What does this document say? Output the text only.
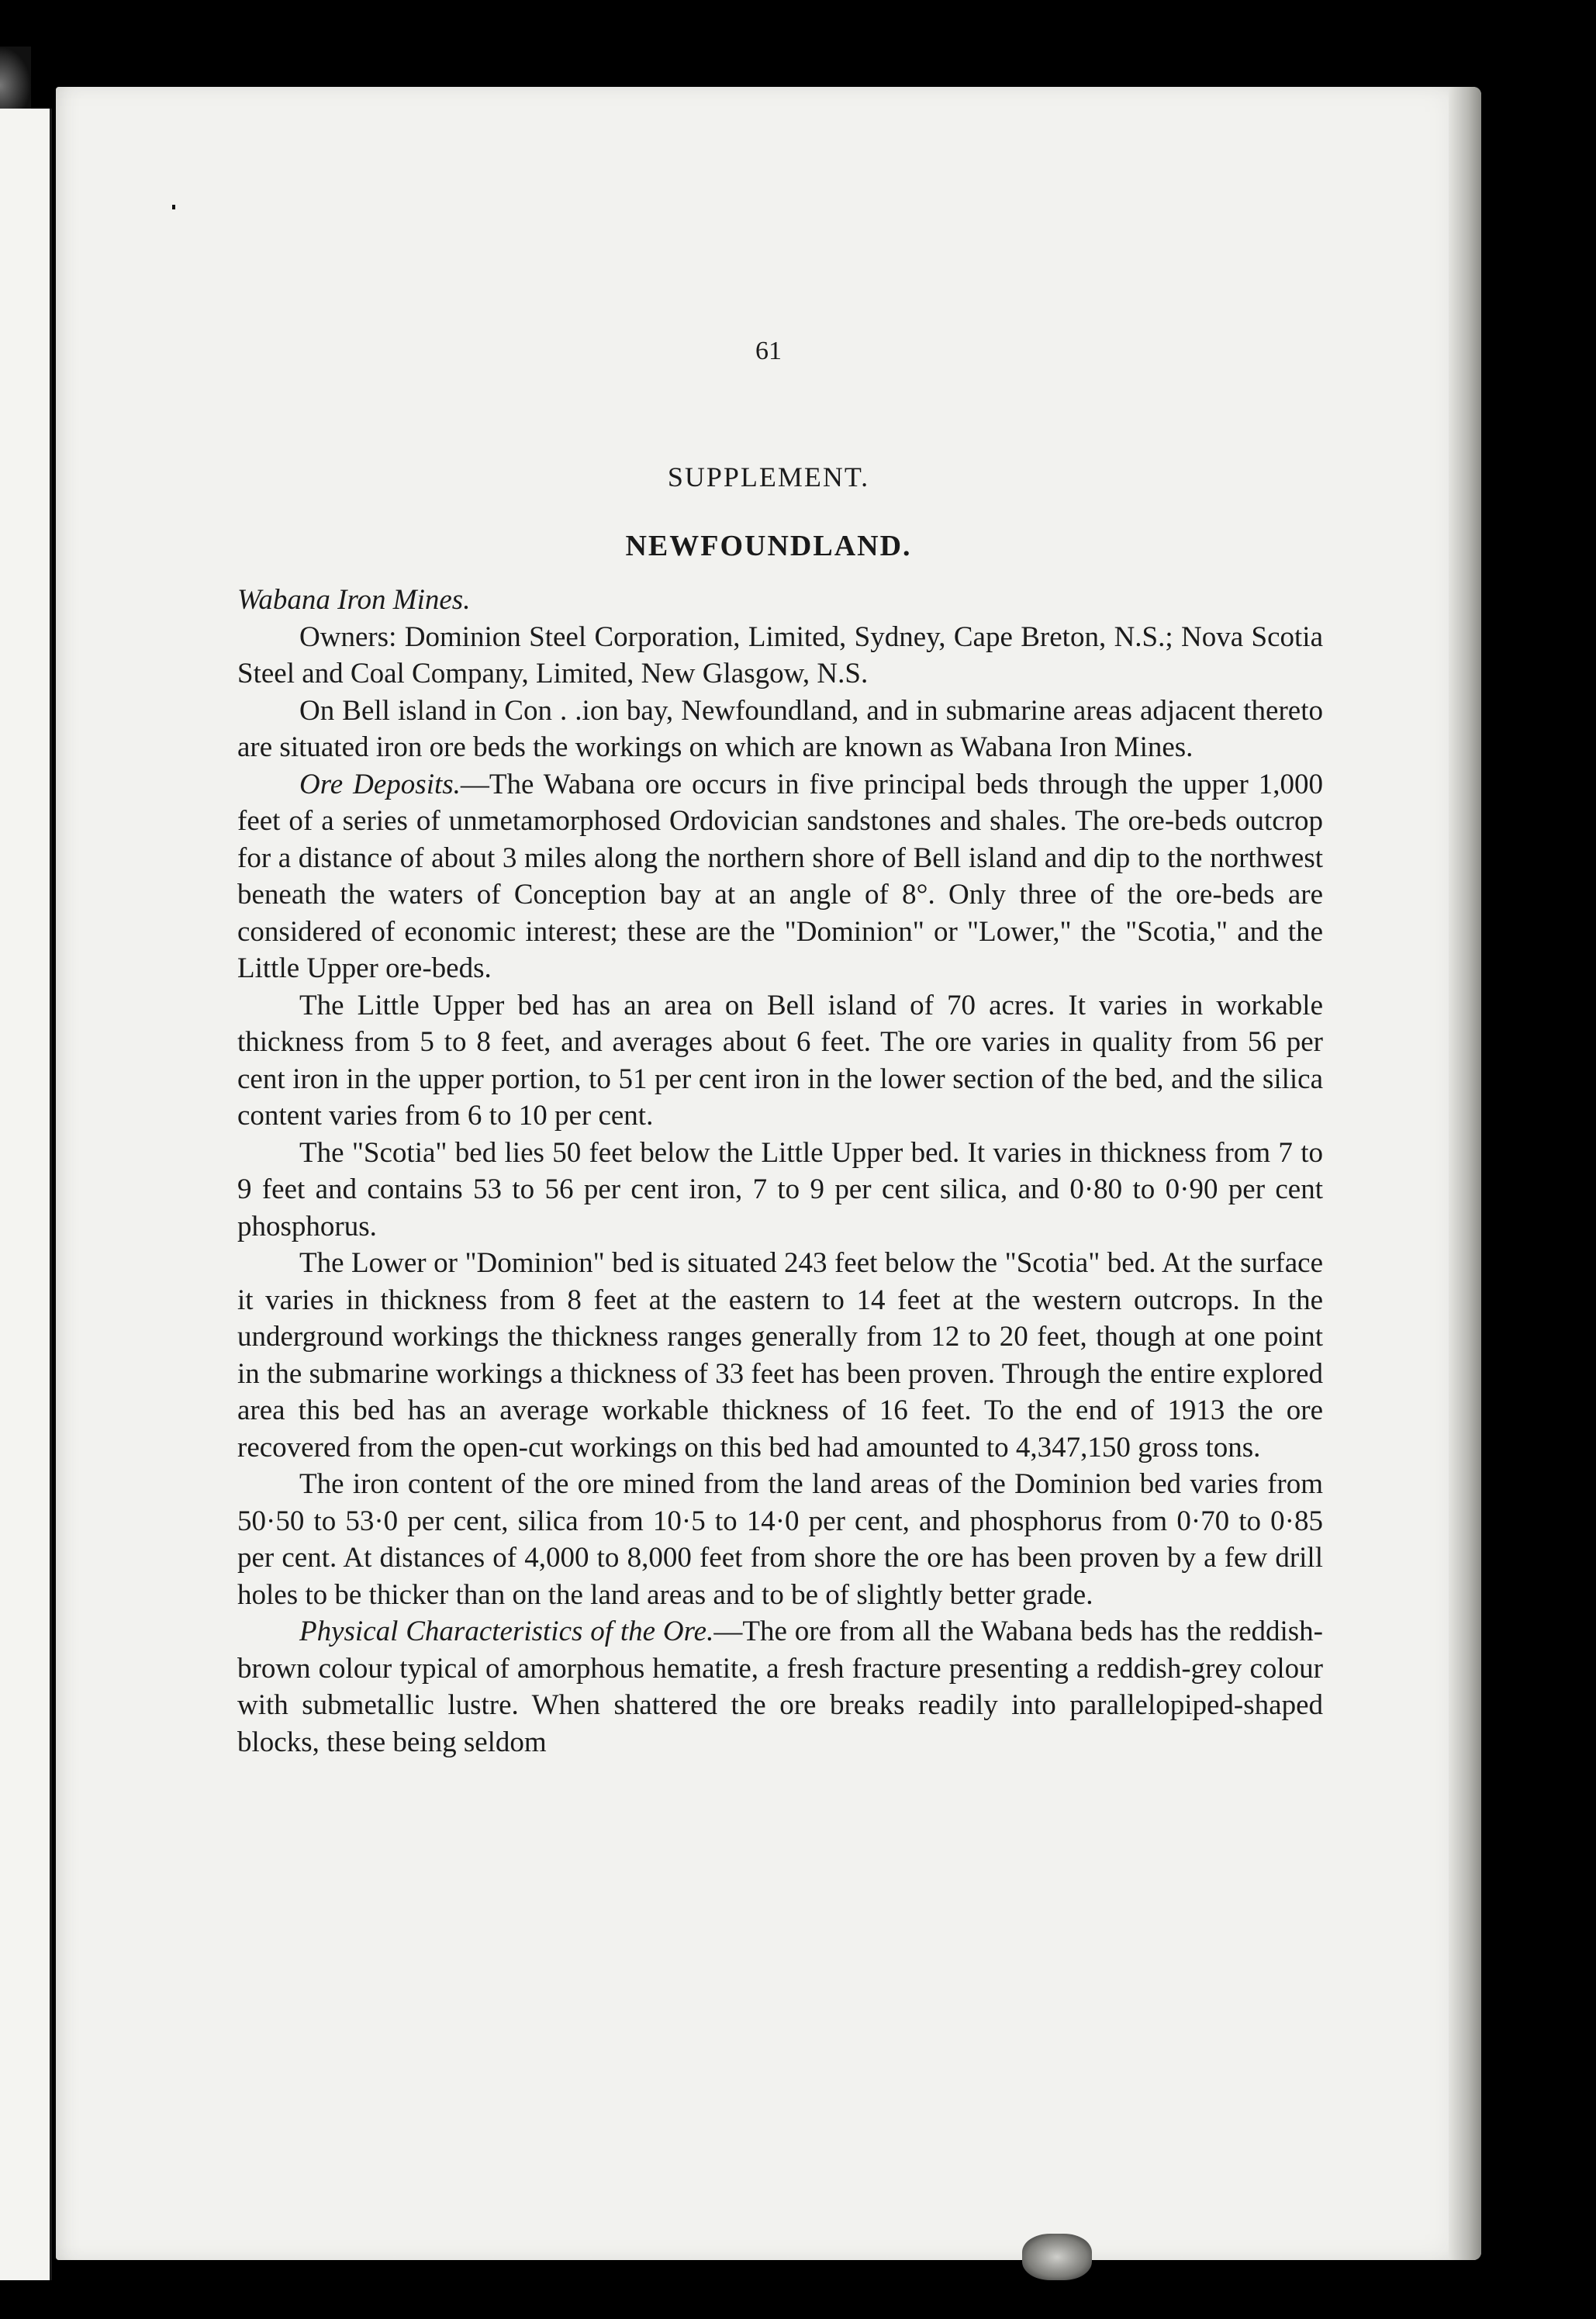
61
SUPPLEMENT.
NEWFOUNDLAND.

Wabana Iron Mines.

Owners: Dominion Steel Corporation, Limited, Sydney, Cape Breton, N.S.; Nova Scotia Steel and Coal Company, Limited, New Glasgow, N.S.

On Bell island in Con . .ion bay, Newfoundland, and in submarine areas adjacent thereto are situated iron ore beds the workings on which are known as Wabana Iron Mines.

Ore Deposits.—The Wabana ore occurs in five principal beds through the upper 1,000 feet of a series of unmetamorphosed Ordovician sandstones and shales. The ore-beds outcrop for a distance of about 3 miles along the northern shore of Bell island and dip to the northwest beneath the waters of Conception bay at an angle of 8°. Only three of the ore-beds are considered of economic interest; these are the "Dominion" or "Lower," the "Scotia," and the Little Upper ore-beds.

The Little Upper bed has an area on Bell island of 70 acres. It varies in workable thickness from 5 to 8 feet, and averages about 6 feet. The ore varies in quality from 56 per cent iron in the upper portion, to 51 per cent iron in the lower section of the bed, and the silica content varies from 6 to 10 per cent.

The "Scotia" bed lies 50 feet below the Little Upper bed. It varies in thickness from 7 to 9 feet and contains 53 to 56 per cent iron, 7 to 9 per cent silica, and 0·80 to 0·90 per cent phosphorus.

The Lower or "Dominion" bed is situated 243 feet below the "Scotia" bed. At the surface it varies in thickness from 8 feet at the eastern to 14 feet at the western outcrops. In the underground workings the thickness ranges generally from 12 to 20 feet, though at one point in the submarine workings a thickness of 33 feet has been proven. Through the entire explored area this bed has an average workable thickness of 16 feet. To the end of 1913 the ore recovered from the open-cut workings on this bed had amounted to 4,347,150 gross tons.

The iron content of the ore mined from the land areas of the Dominion bed varies from 50·50 to 53·0 per cent, silica from 10·5 to 14·0 per cent, and phosphorus from 0·70 to 0·85 per cent. At distances of 4,000 to 8,000 feet from shore the ore has been proven by a few drill holes to be thicker than on the land areas and to be of slightly better grade.

Physical Characteristics of the Ore.—The ore from all the Wabana beds has the reddish-brown colour typical of amorphous hematite, a fresh fracture presenting a reddish-grey colour with submetallic lustre. When shattered the ore breaks readily into parallelopiped-shaped blocks, these being seldom
